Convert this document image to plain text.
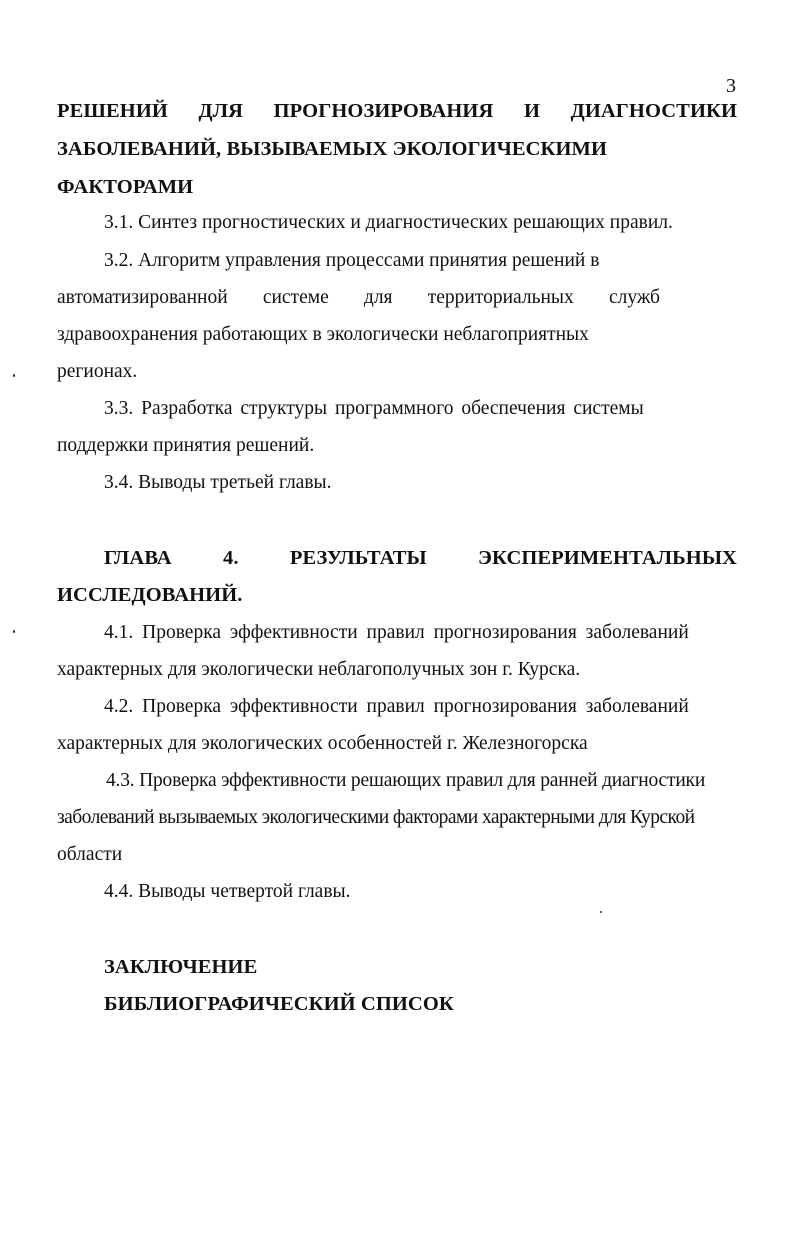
3
РЕШЕНИЙ ДЛЯ ПРОГНОЗИРОВАНИЯ И ДИАГНОСТИКИ
ЗАБОЛЕВАНИЙ, ВЫЗЫВАЕМЫХ ЭКОЛОГИЧЕСКИМИ
ФАКТОРАМИ
3.1. Синтез прогностических и диагностических решающих правил.
3.2. Алгоритм управления процессами принятия решений в
автоматизированной системе для территориальных служб
здравоохранения работающих в экологически неблагоприятных
регионах.
3.3. Разработка структуры программного обеспечения системы
поддержки принятия решений.
3.4. Выводы третьей главы.
ГЛАВА	4.	РЕЗУЛЬТАТЫ	ЭКСПЕРИМЕНТАЛЬНЫХ
ИССЛЕДОВАНИЙ.
4.1. Проверка эффективности правил прогнозирования заболеваний
характерных для экологически неблагополучных зон г. Курска.
4.2. Проверка эффективности правил прогнозирования заболеваний
характерных для экологических особенностей г. Железногорска
4.3. Проверка эффективности решающих правил для ранней диагностики
заболеваний вызываемых экологическими факторами характерными для Курской
области
4.4. Выводы четвертой главы.
ЗАКЛЮЧЕНИЕ
БИБЛИОГРАФИЧЕСКИЙ СПИСОК
